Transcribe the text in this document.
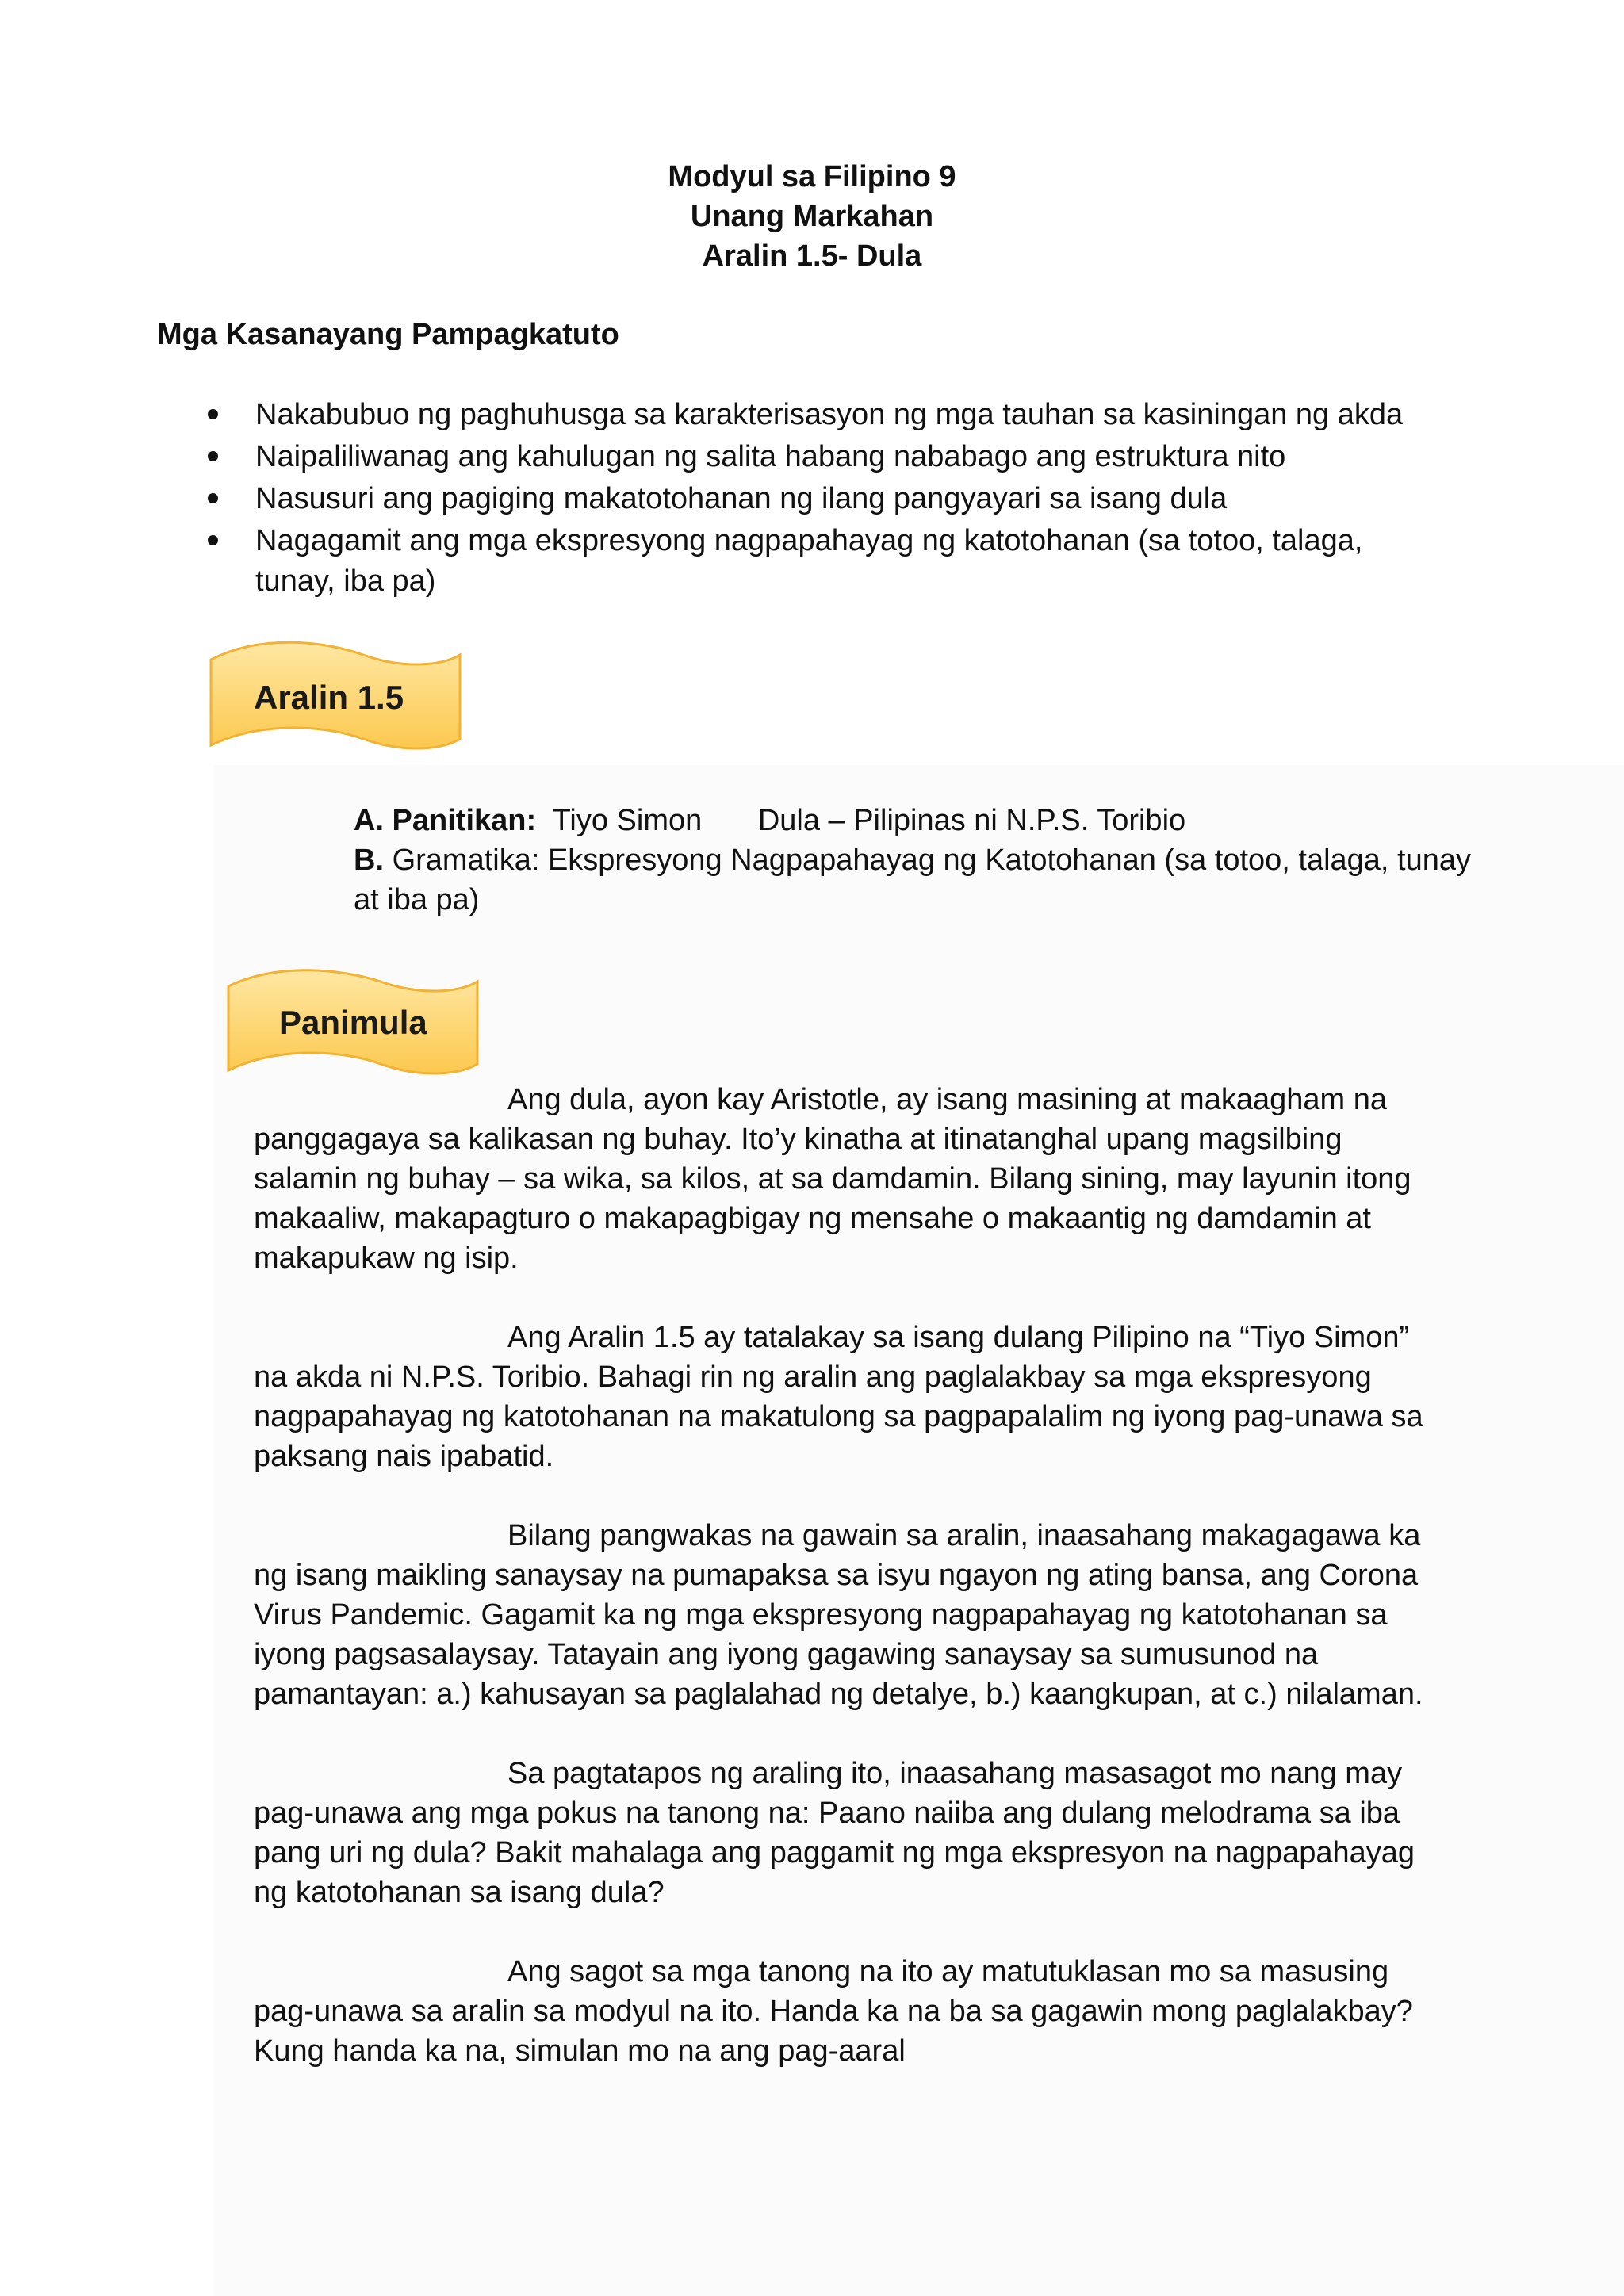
Modyul sa Filipino 9
Unang Markahan
Aralin 1.5- Dula
Mga Kasanayang Pampagkatuto
Nakabubuo ng paghuhusga sa karakterisasyon ng mga tauhan sa kasiningan ng akda
Naipaliliwanag ang kahulugan ng salita habang nababago ang estruktura nito
Nasusuri ang pagiging makatotohanan ng ilang pangyayari sa isang dula
Nagagamit ang mga ekspresyong nagpapahayag ng katotohanan (sa totoo, talaga, tunay, iba pa)
Aralin 1.5
A. Panitikan: Tiyo Simon Dula – Pilipinas ni N.P.S. Toribio
B. Gramatika: Ekspresyong Nagpapahayag ng Katotohanan (sa totoo, talaga, tunay at iba pa)
Panimula

Ang dula, ayon kay Aristotle, ay isang masining at makaagham na panggagaya sa kalikasan ng buhay. Ito’y kinatha at itinatanghal upang magsilbing salamin ng buhay – sa wika, sa kilos, at sa damdamin. Bilang sining, may layunin itong makaaliw, makapagturo o makapagbigay ng mensahe o makaantig ng damdamin at makapukaw ng isip.

Ang Aralin 1.5 ay tatalakay sa isang dulang Pilipino na “Tiyo Simon” na akda ni N.P.S. Toribio. Bahagi rin ng aralin ang paglalakbay sa mga ekspresyong nagpapahayag ng katotohanan na makatulong sa pagpapalalim ng iyong pag-unawa sa paksang nais ipabatid.

Bilang pangwakas na gawain sa aralin, inaasahang makagagawa ka ng isang maikling sanaysay na pumapaksa sa isyu ngayon ng ating bansa, ang Corona Virus Pandemic. Gagamit ka ng mga ekspresyong nagpapahayag ng katotohanan sa iyong pagsasalaysay. Tatayain ang iyong gagawing sanaysay sa sumusunod na pamantayan: a.) kahusayan sa paglalahad ng detalye, b.) kaangkupan, at c.) nilalaman.

Sa pagtatapos ng araling ito, inaasahang masasagot mo nang may pag-unawa ang mga pokus na tanong na: Paano naiiba ang dulang melodrama sa iba pang uri ng dula? Bakit mahalaga ang paggamit ng mga ekspresyon na nagpapahayag ng katotohanan sa isang dula?

Ang sagot sa mga tanong na ito ay matutuklasan mo sa masusing pag-unawa sa aralin sa modyul na ito. Handa ka na ba sa gagawin mong paglalakbay? Kung handa ka na, simulan mo na ang pag-aaral
